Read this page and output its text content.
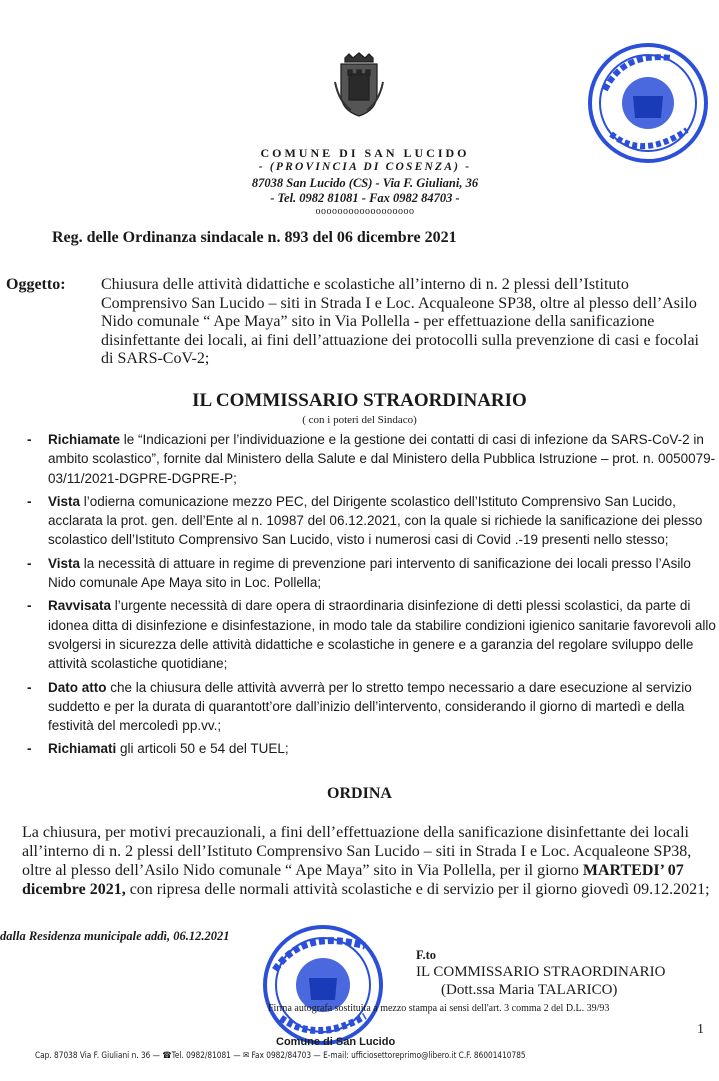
COMUNE DI SAN LUCIDO
- (PROVINCIA DI COSENZA) -
87038 San Lucido (CS) - Via F. Giuliani, 36
- Tel. 0982 81081 - Fax 0982 84703 -
oooooooooooooooooo
Reg. delle Ordinanza sindacale n. 893 del 06 dicembre 2021
Oggetto: Chiusura delle attività didattiche e scolastiche all’interno di n. 2 plessi dell’Istituto Comprensivo San Lucido – siti in Strada I e Loc. Acqualeone SP38, oltre al plesso dell’Asilo Nido comunale “ Ape Maya” sito in Via Pollella - per effettuazione della sanificazione disinfettante dei locali, ai fini dell’attuazione dei protocolli sulla prevenzione di casi e focolai di SARS-CoV-2;
IL COMMISSARIO STRAORDINARIO
( con i poteri del Sindaco)
- Richiamate le “Indicazioni per l’individuazione e la gestione dei contatti di casi di infezione da SARS-CoV-2 in ambito scolastico”, fornite dal Ministero della Salute e dal Ministero della Pubblica Istruzione – prot. n. 0050079-03/11/2021-DGPRE-DGPRE-P;
- Vista l’odierna comunicazione mezzo PEC, del Dirigente scolastico dell’Istituto Comprensivo San Lucido, acclarata la prot. gen. dell’Ente al n. 10987 del 06.12.2021, con la quale si richiede la sanificazione dei plesso scolastico dell’Istituto Comprensivo San Lucido, visto i numerosi casi di Covid .-19 presenti nello stesso;
- Vista la necessità di attuare in regime di prevenzione pari intervento di sanificazione dei locali presso l’Asilo Nido comunale Ape Maya sito in Loc. Pollella;
- Ravvisata l’urgente necessità di dare opera di straordinaria disinfezione di detti plessi scolastici, da parte di idonea ditta di disinfezione e disinfestazione, in modo tale da stabilire condizioni igienico sanitarie favorevoli allo svolgersi in sicurezza delle attività didattiche e scolastiche in genere e a garanzia del regolare sviluppo delle attività scolastiche quotidiane;
- Dato atto che la chiusura delle attività avverrà per lo stretto tempo necessario a dare esecuzione al servizio suddetto e per la durata di quarantott’ore dall’inizio dell’intervento, considerando il giorno di martedì e della festività del mercoledì pp.vv.;
- Richiamati gli articoli 50 e 54 del TUEL;
ORDINA
La chiusura, per motivi precauzionali, a fini dell’effettuazione della sanificazione disinfettante dei locali all’interno di n. 2 plessi dell’Istituto Comprensivo San Lucido – siti in Strada I e Loc. Acqualeone SP38, oltre al plesso dell’Asilo Nido comunale “ Ape Maya” sito in Via Pollella, per il giorno MARTEDI’ 07 dicembre 2021, con ripresa delle normali attività scolastiche e di servizio per il giorno giovedì 09.12.2021;
dalla Residenza municipale addì, 06.12.2021
F.to
IL COMMISSARIO STRAORDINARIO
(Dott.ssa Maria TALARICO)
Firma autografa sostituita a mezzo stampa ai sensi dell'art. 3 comma 2 del D.L. 39/93
1
Comune di San Lucido
Cap. 87038 Via F. Giuliani n. 36 — ☎Tel. 0982/81081 — ✉ Fax 0982/84703 — E-mail: ufficiosettoreprimo@libero.it C.F. 86001410785
